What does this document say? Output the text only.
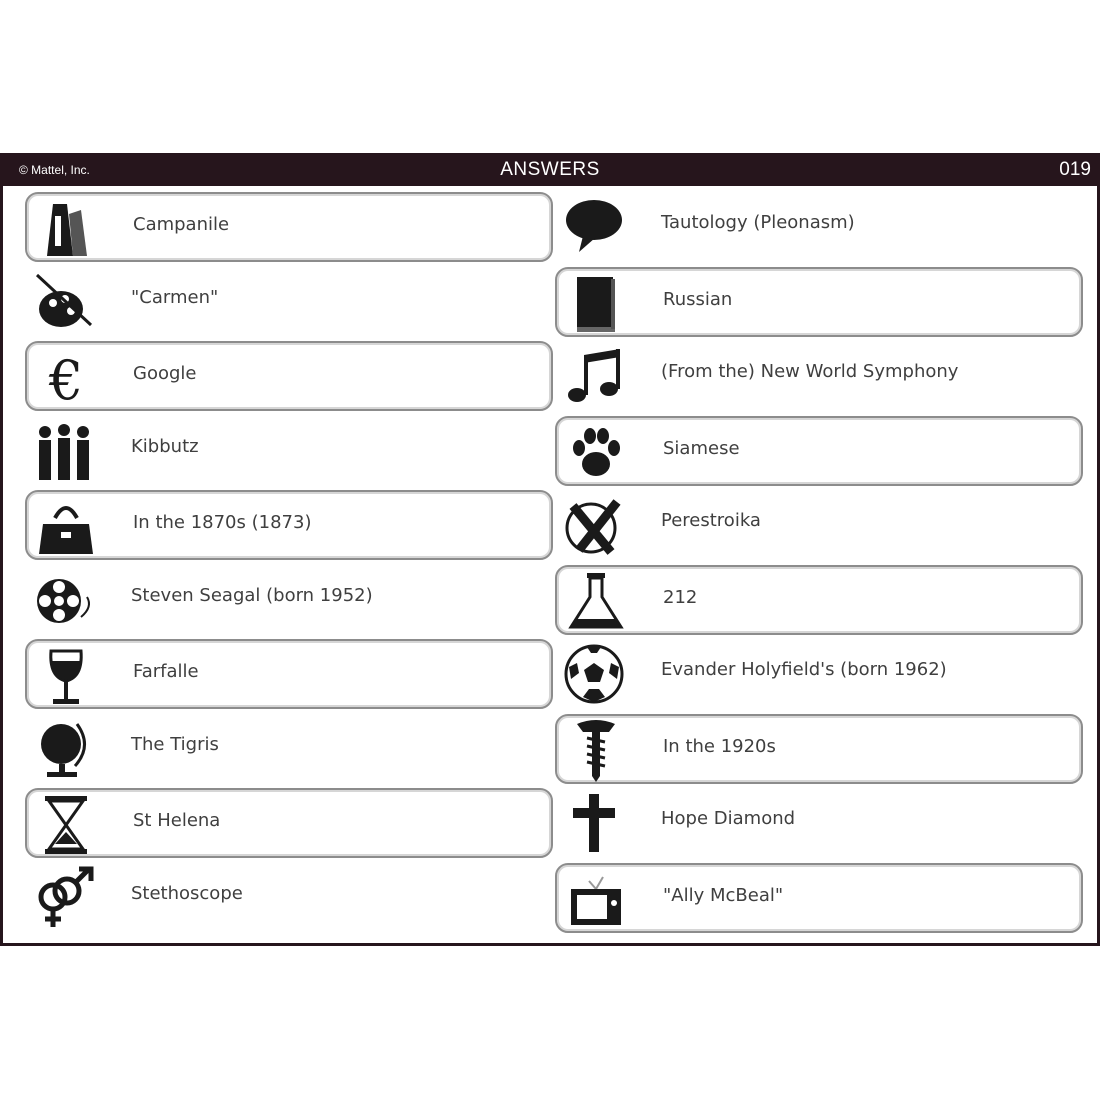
© Mattel, Inc.	ANSWERS	019
Campanile
"Carmen"
€	Google
Kibbutz
In the 1870s (1873)
Steven Seagal (born 1952)
Farfalle
The Tigris
St Helena
Stethoscope
Tautology (Pleonasm)
Russian
(From the) New World Symphony
Siamese
Perestroika
212
Evander Holyfield's (born 1962)
In the 1920s
Hope Diamond
"Ally McBeal"
